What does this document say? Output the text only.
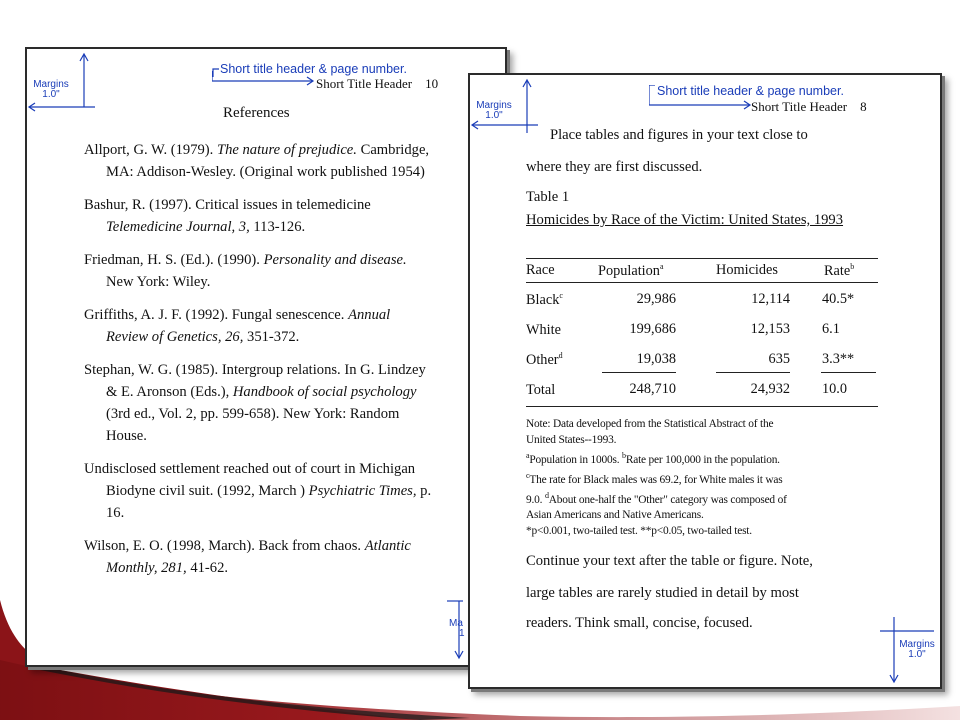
Margins
1.0"
Short title header & page number.
Short Title Header 10
References
Allport, G. W. (1979). The nature of prejudice. Cambridge, MA: Addison-Wesley. (Original work published 1954)
Bashur, R. (1997). Critical issues in telemedicine Telemedicine Journal, 3, 113-126.
Friedman, H. S. (Ed.). (1990). Personality and disease. New York: Wiley.
Griffiths, A. J. F. (1992). Fungal senescence. Annual Review of Genetics, 26, 351-372.
Stephan, W. G. (1985). Intergroup relations. In G. Lindzey & E. Aronson (Eds.), Handbook of social psychology (3rd ed., Vol. 2, pp. 599-658). New York: Random House.
Undisclosed settlement reached out of court in Michigan Biodyne civil suit. (1992, March ) Psychiatric Times, p. 16.
Wilson, E. O. (1998, March). Back from chaos. Atlantic Monthly, 281, 41-62.
Ma
1
Margins
1.0"
Short title header & page number.
Short Title Header 8
Place tables and figures in your text close to
where they are first discussed.
Table 1
Homicides by Race of the Victim: United States, 1993
Race	Population$^a$	Homicides	Rate$^b$
Black$^c$	29,986	12,114 40.5*
White	199,686	12,153 6.1
Other$^d$	19,038	635 3.3**
Total	248,710	24,932 10.0
Note: Data developed from the Statistical Abstract of the
United States--1993.
$^a$Population in 1000s. $^b$Rate per 100,000 in the population.
$^c$The rate for Black males was 69.2, for White males it was
9.0. $^d$About one-half the "Other" category was composed of
Asian Americans and Native Americans.
*p<0.001, two-tailed test. **p<0.05, two-tailed test.
Continue your text after the table or figure. Note,
large tables are rarely studied in detail by most
readers. Think small, concise, focused.
Margins
1.0"
